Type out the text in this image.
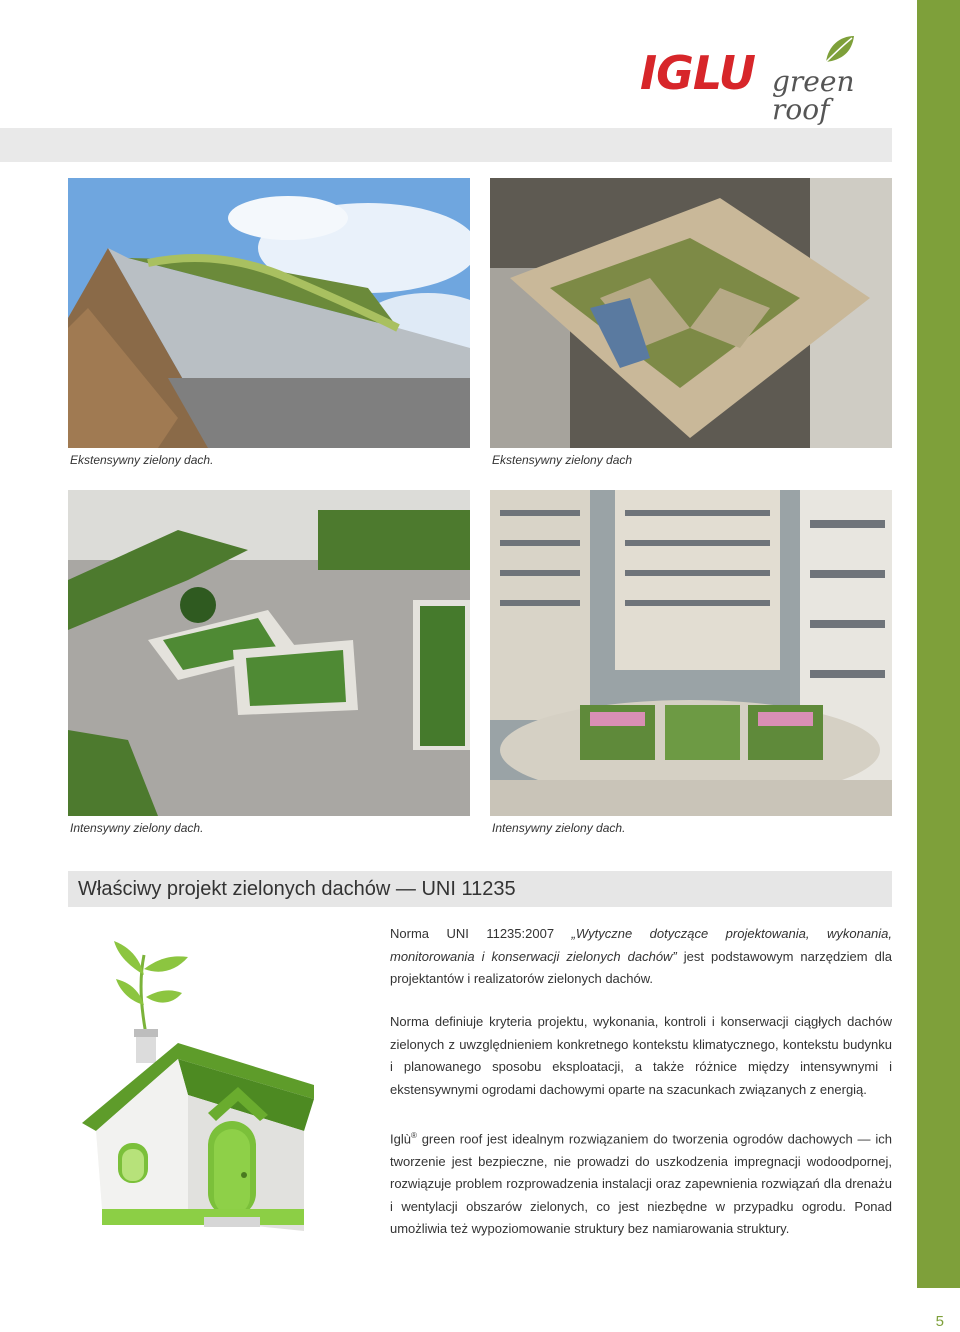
IGLU green roof
Ekstensywny zielony dach.	Ekstensywny zielony dach
Intensywny zielony dach.	Intensywny zielony dach.
Właściwy projekt zielonych dachów — UNI 11235

Norma UNI 11235:2007 „Wytyczne dotyczące projektowania, wykonania, monitorowania i konserwacji zielonych dachów” jest podstawowym narzędziem dla projektantów i realizatorów zielonych dachów.

Norma definiuje kryteria projektu, wykonania, kontroli i konserwacji ciągłych dachów zielonych z uwzględnieniem konkretnego kontekstu klimatycznego, kontekstu budynku i planowanego sposobu eksploatacji, a także różnice między intensywnymi i ekstensywnymi ogrodami dachowymi oparte na szacunkach związanych z energią.

Iglù® green roof jest idealnym rozwiązaniem do tworzenia ogrodów dachowych — ich tworzenie jest bezpieczne, nie prowadzi do uszkodzenia impregnacji wodoodpornej, rozwiązuje problem rozprowadzenia instalacji oraz zapewnienia rozwiązań dla drenażu i wentylacji obszarów zielonych, co jest niezbędne w przypadku ogrodu. Ponad umożliwia też wypoziomowanie struktury bez namiarowania struktury.

5
